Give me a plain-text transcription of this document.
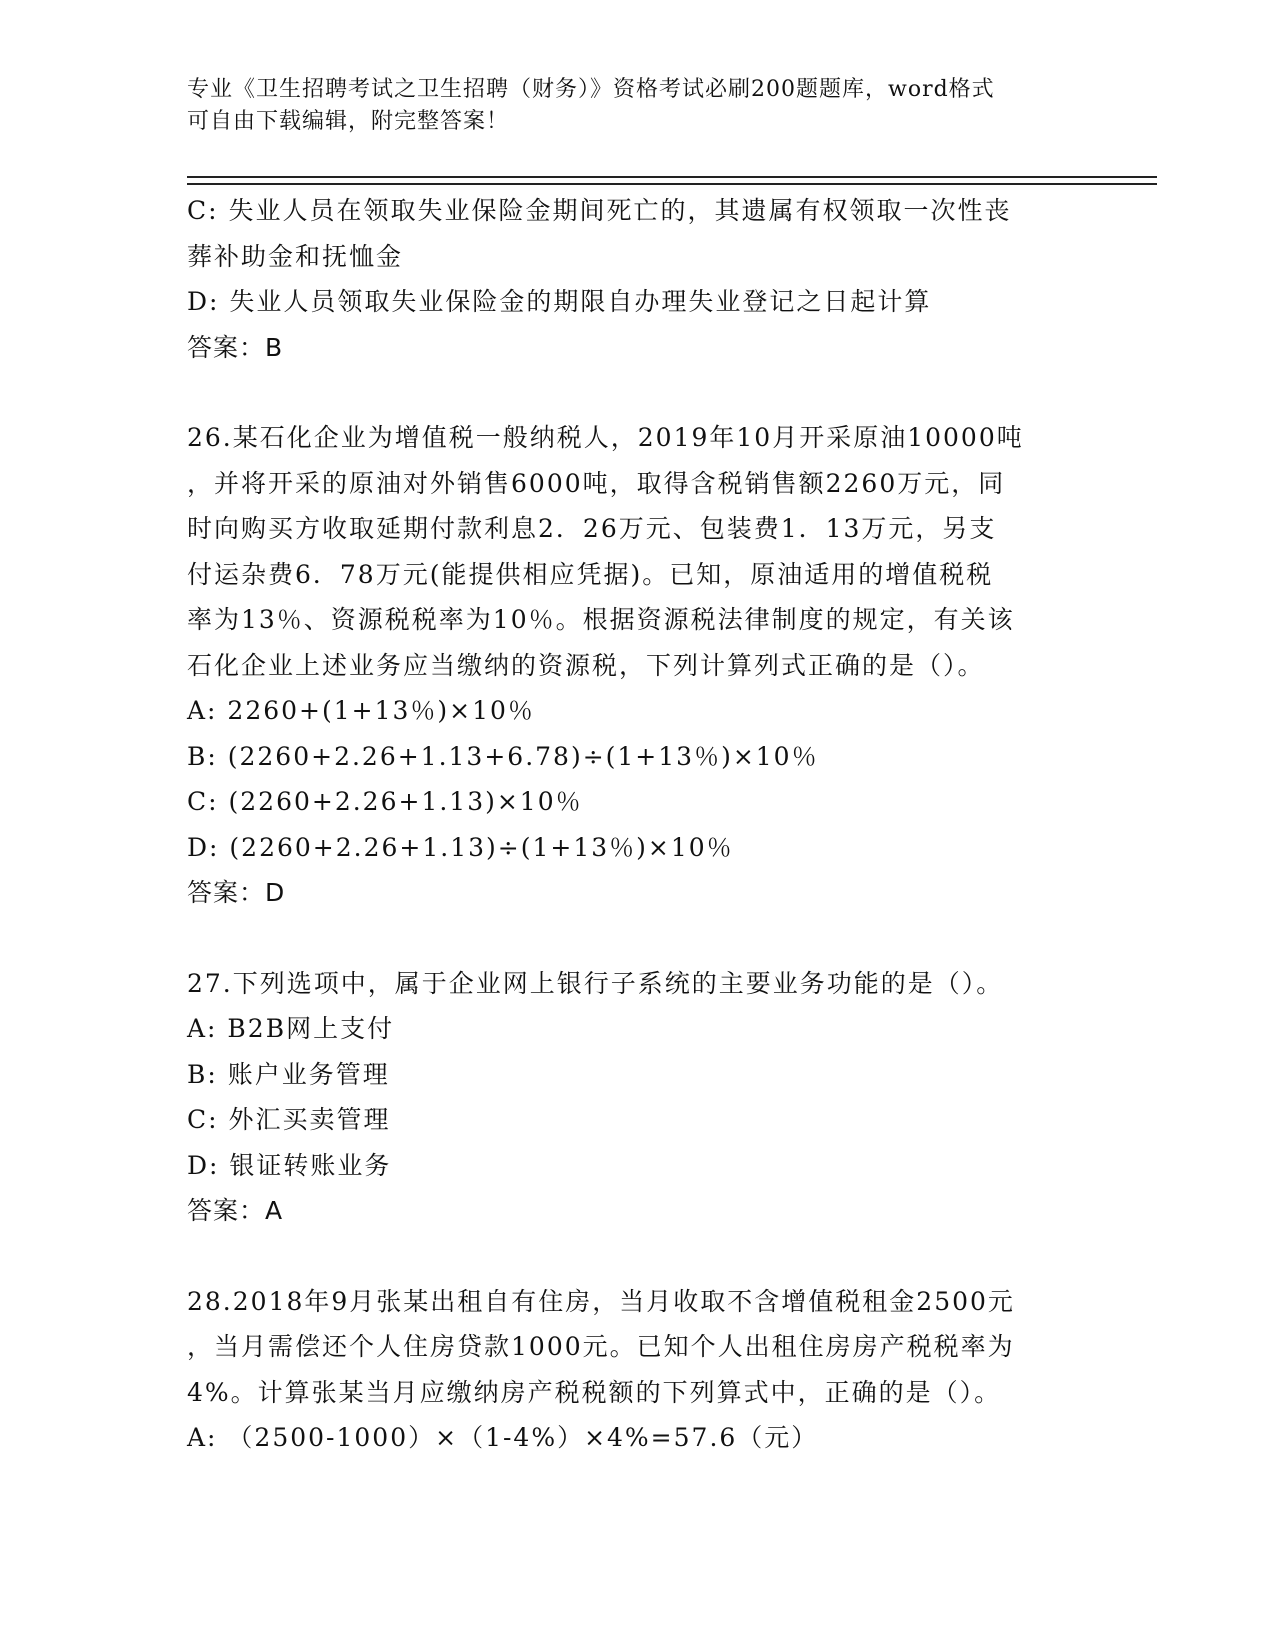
专业《卫生招聘考试之卫生招聘（财务）》资格考试必刷200题题库，word格式
可自由下载编辑，附完整答案！

C: 失业人员在领取失业保险金期间死亡的，其遗属有权领取一次性丧

葬补助金和抚恤金

D: 失业人员领取失业保险金的期限自办理失业登记之日起计算

答案：B

26.某石化企业为增值税一般纳税人，2019年10月开采原油10000吨

，并将开采的原油对外销售6000吨，取得含税销售额2260万元，同

时向购买方收取延期付款利息2．26万元、包装费1．13万元，另支

付运杂费6．78万元(能提供相应凭据)。已知，原油适用的增值税税

率为13％、资源税税率为10％。根据资源税法律制度的规定，有关该

石化企业上述业务应当缴纳的资源税，下列计算列式正确的是（）。

A: 2260+(1+13％)×10％

B: (2260+2.26+1.13+6.78)÷(1+13％)×10％

C: (2260+2.26+1.13)×10％

D: (2260+2.26+1.13)÷(1+13％)×10％

答案：D

27.下列选项中，属于企业网上银行子系统的主要业务功能的是（）。

A: B2B网上支付

B: 账户业务管理

C: 外汇买卖管理

D: 银证转账业务

答案：A

28.2018年9月张某出租自有住房，当月收取不含增值税租金2500元

，当月需偿还个人住房贷款1000元。已知个人出租住房房产税税率为

4%。计算张某当月应缴纳房产税税额的下列算式中，正确的是（）。

A: （2500-1000）×（1-4%）×4%=57.6（元）
